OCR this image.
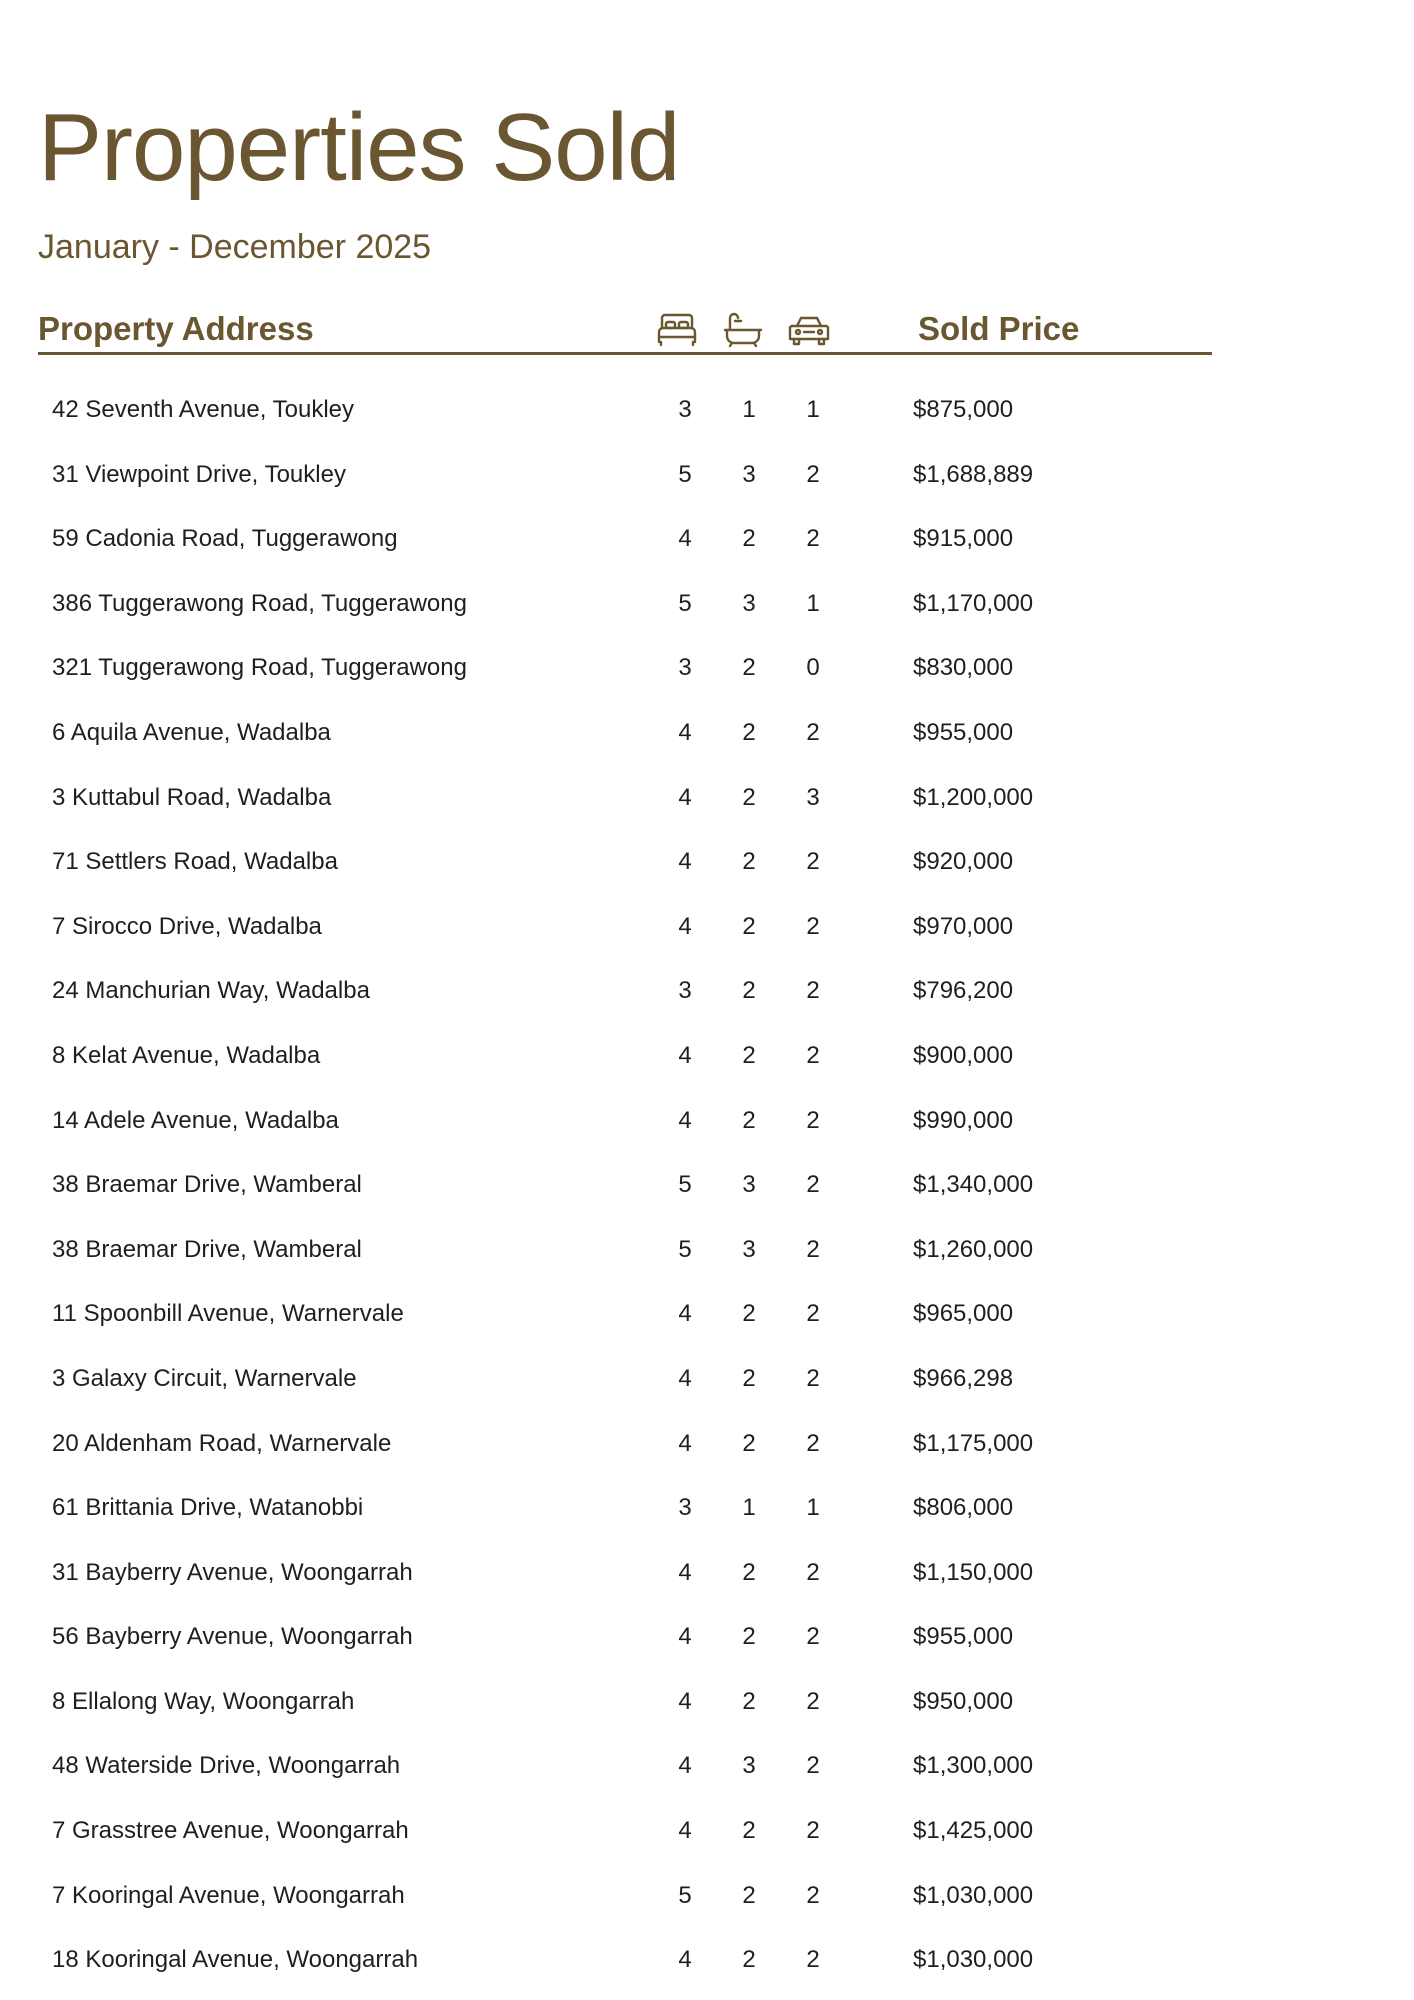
Properties Sold

January - December 2025

Property Address	Sold Price
42 Seventh Avenue, Toukley	3	1	1	$875,000
31 Viewpoint Drive, Toukley	5	3	2	$1,688,889
59 Cadonia Road, Tuggerawong	4	2	2	$915,000
386 Tuggerawong Road, Tuggerawong	5	3	1	$1,170,000
321 Tuggerawong Road, Tuggerawong	3	2	0	$830,000
6 Aquila Avenue, Wadalba	4	2	2	$955,000
3 Kuttabul Road, Wadalba	4	2	3	$1,200,000
71 Settlers Road, Wadalba	4	2	2	$920,000
7 Sirocco Drive, Wadalba	4	2	2	$970,000
24 Manchurian Way, Wadalba	3	2	2	$796,200
8 Kelat Avenue, Wadalba	4	2	2	$900,000
14 Adele Avenue, Wadalba	4	2	2	$990,000
38 Braemar Drive, Wamberal	5	3	2	$1,340,000
38 Braemar Drive, Wamberal	5	3	2	$1,260,000
11 Spoonbill Avenue, Warnervale	4	2	2	$965,000
3 Galaxy Circuit, Warnervale	4	2	2	$966,298
20 Aldenham Road, Warnervale	4	2	2	$1,175,000
61 Brittania Drive, Watanobbi	3	1	1	$806,000
31 Bayberry Avenue, Woongarrah	4	2	2	$1,150,000
56 Bayberry Avenue, Woongarrah	4	2	2	$955,000
8 Ellalong Way, Woongarrah	4	2	2	$950,000
48 Waterside Drive, Woongarrah	4	3	2	$1,300,000
7 Grasstree Avenue, Woongarrah	4	2	2	$1,425,000
7 Kooringal Avenue, Woongarrah	5	2	2	$1,030,000
18 Kooringal Avenue, Woongarrah	4	2	2	$1,030,000
